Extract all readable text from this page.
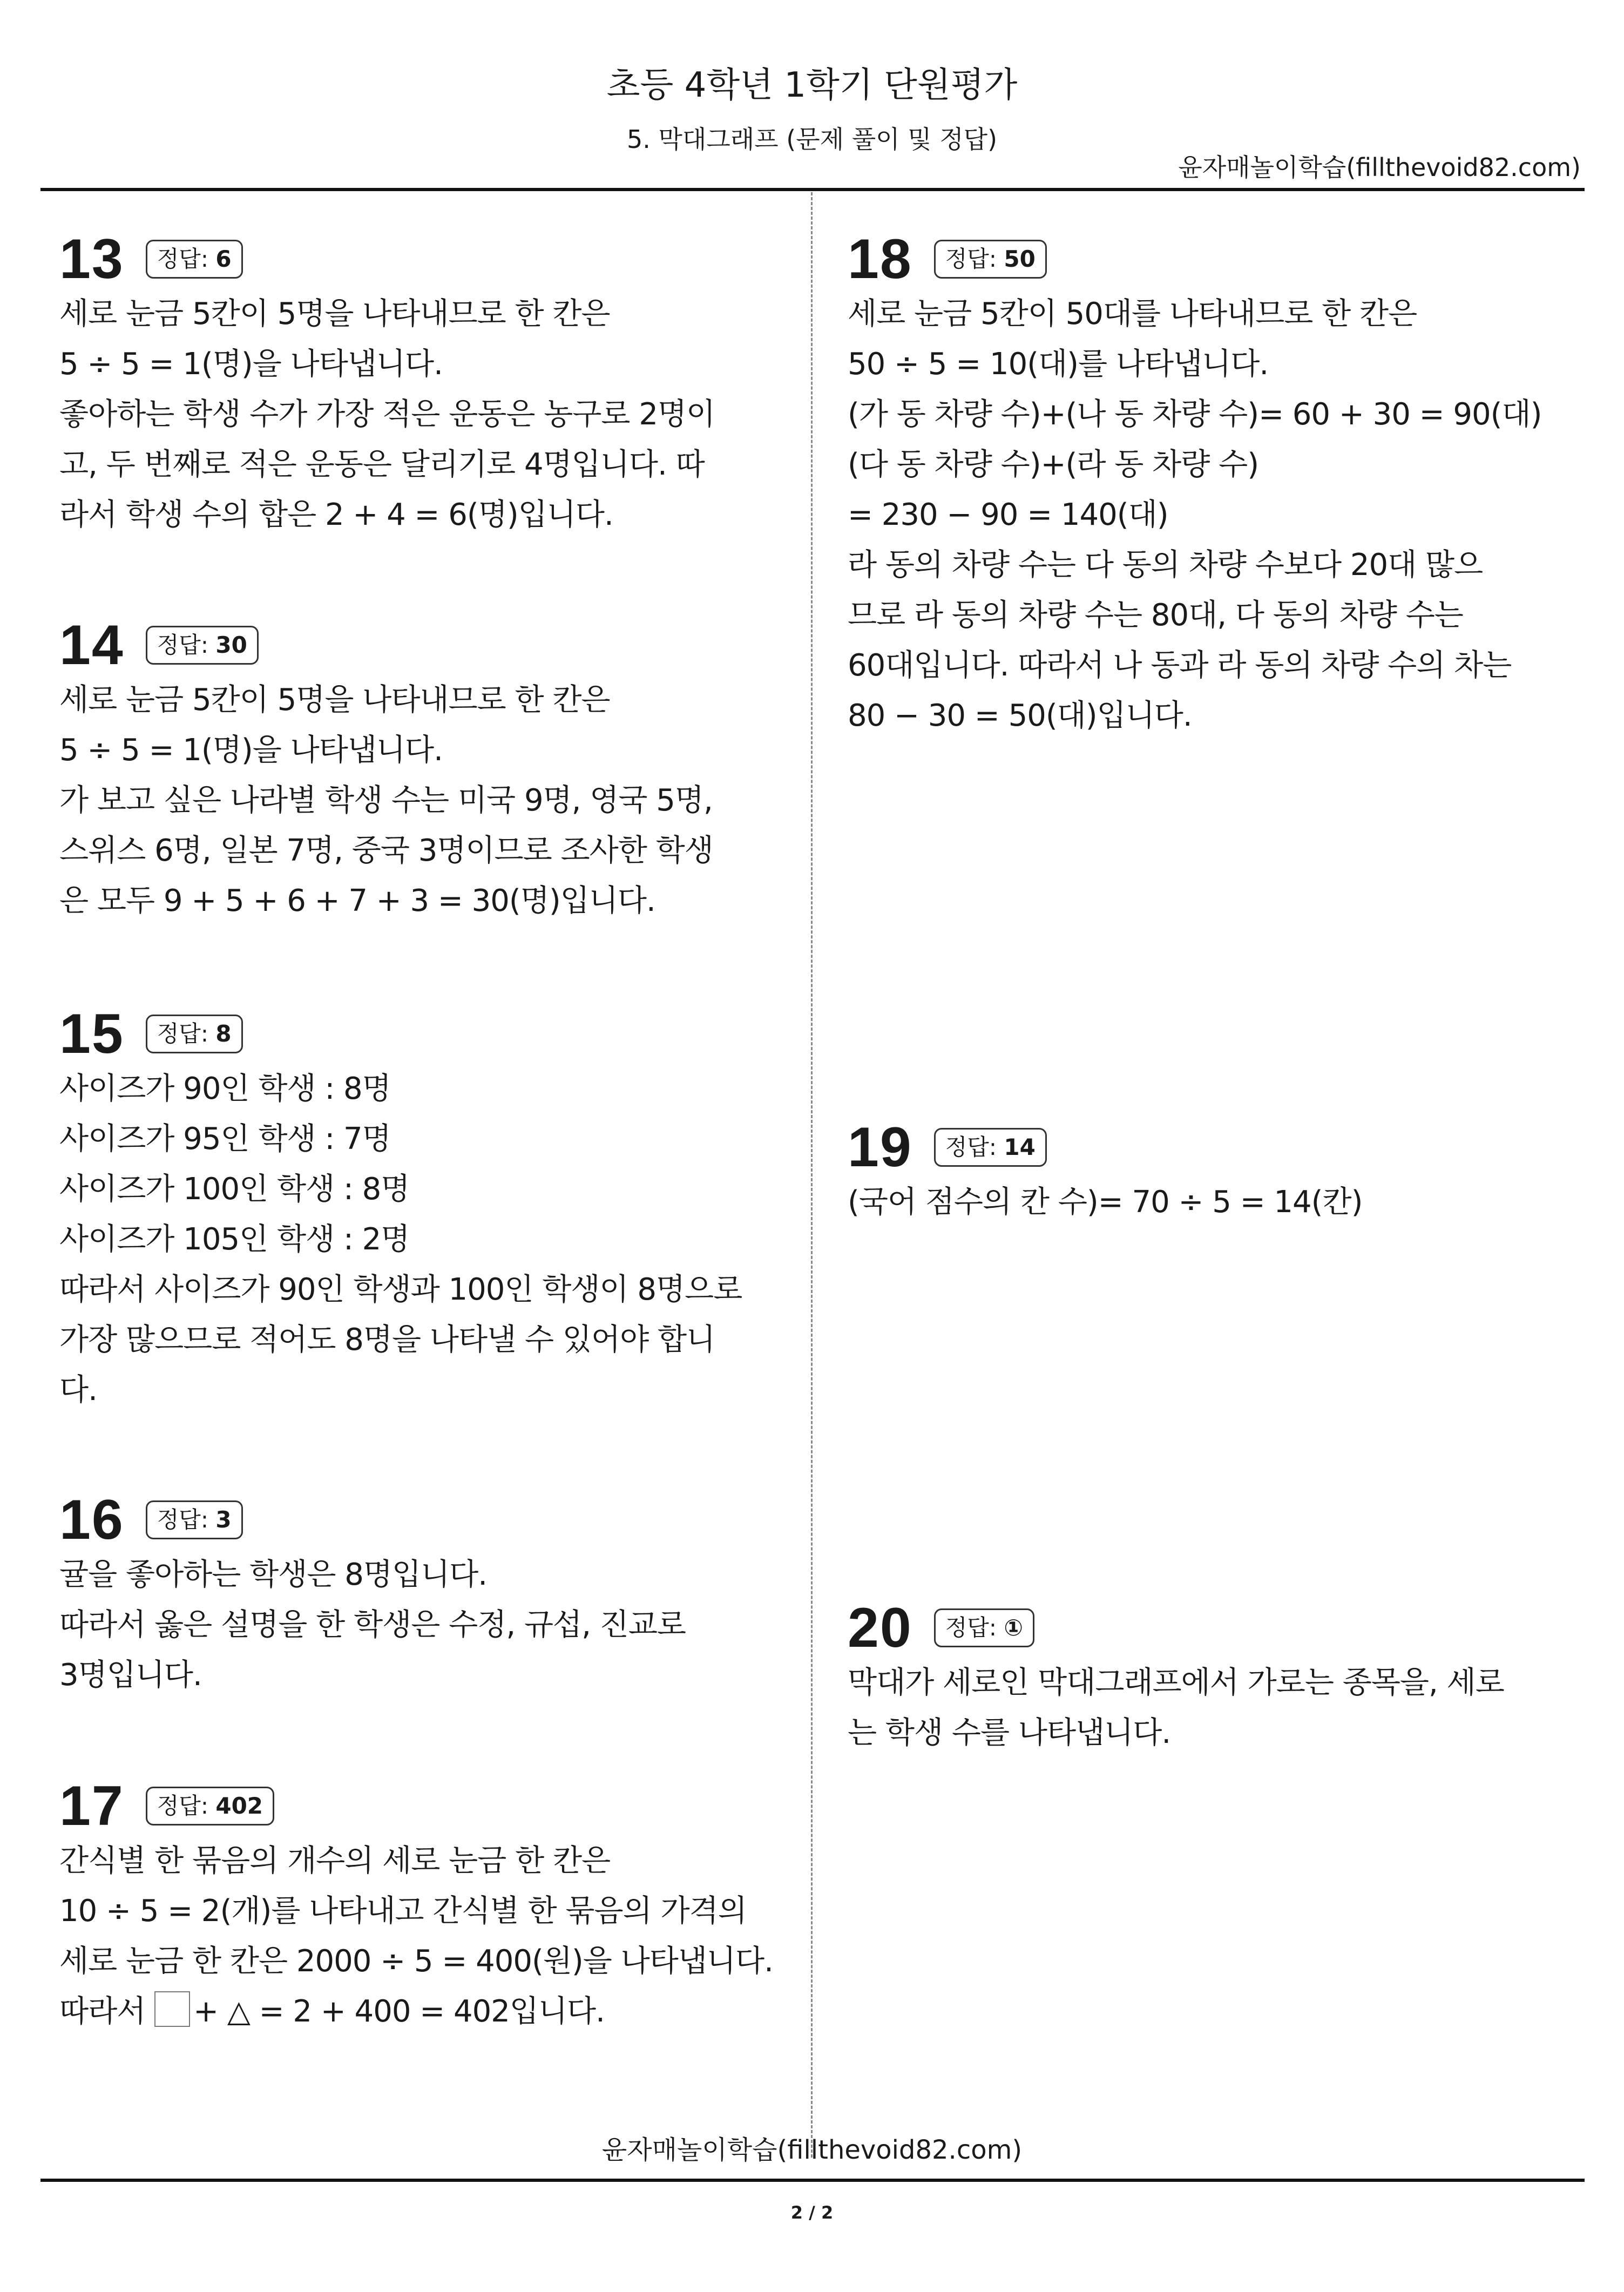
초등 4학년 1학기 단원평가
5. 막대그래프 (문제 풀이 및 정답)
윤자매놀이학습(fillthevoid82.com)
13	정답: 6
세로 눈금 5칸이 5명을 나타내므로 한 칸은
5 ÷ 5 = 1(명)을 나타냅니다.
좋아하는 학생 수가 가장 적은 운동은 농구로 2명이
고, 두 번째로 적은 운동은 달리기로 4명입니다. 따
라서 학생 수의 합은 2 + 4 = 6(명)입니다.
14	정답: 30
세로 눈금 5칸이 5명을 나타내므로 한 칸은
5 ÷ 5 = 1(명)을 나타냅니다.
가 보고 싶은 나라별 학생 수는 미국 9명, 영국 5명,
스위스 6명, 일본 7명, 중국 3명이므로 조사한 학생
은 모두 9 + 5 + 6 + 7 + 3 = 30(명)입니다.
15	정답: 8
사이즈가 90인 학생 : 8명
사이즈가 95인 학생 : 7명
사이즈가 100인 학생 : 8명
사이즈가 105인 학생 : 2명
따라서 사이즈가 90인 학생과 100인 학생이 8명으로
가장 많으므로 적어도 8명을 나타낼 수 있어야 합니
다.
16	정답: 3
귤을 좋아하는 학생은 8명입니다.
따라서 옳은 설명을 한 학생은 수정, 규섭, 진교로
3명입니다.
17	정답: 402
간식별 한 묶음의 개수의 세로 눈금 한 칸은
10 ÷ 5 = 2(개)를 나타내고 간식별 한 묶음의 가격의
세로 눈금 한 칸은 2000 ÷ 5 = 400(원)을 나타냅니다.
따라서 + △ = 2 + 400 = 402입니다.
18	정답: 50
세로 눈금 5칸이 50대를 나타내므로 한 칸은
50 ÷ 5 = 10(대)를 나타냅니다.
(가 동 차량 수)+(나 동 차량 수)= 60 + 30 = 90(대)
(다 동 차량 수)+(라 동 차량 수)
= 230 − 90 = 140(대)
라 동의 차량 수는 다 동의 차량 수보다 20대 많으
므로 라 동의 차량 수는 80대, 다 동의 차량 수는
60대입니다. 따라서 나 동과 라 동의 차량 수의 차는
80 − 30 = 50(대)입니다.
19	정답: 14
(국어 점수의 칸 수)= 70 ÷ 5 = 14(칸)
20	정답: ①
막대가 세로인 막대그래프에서 가로는 종목을, 세로
는 학생 수를 나타냅니다.
윤자매놀이학습(fillthevoid82.com)
2 / 2
